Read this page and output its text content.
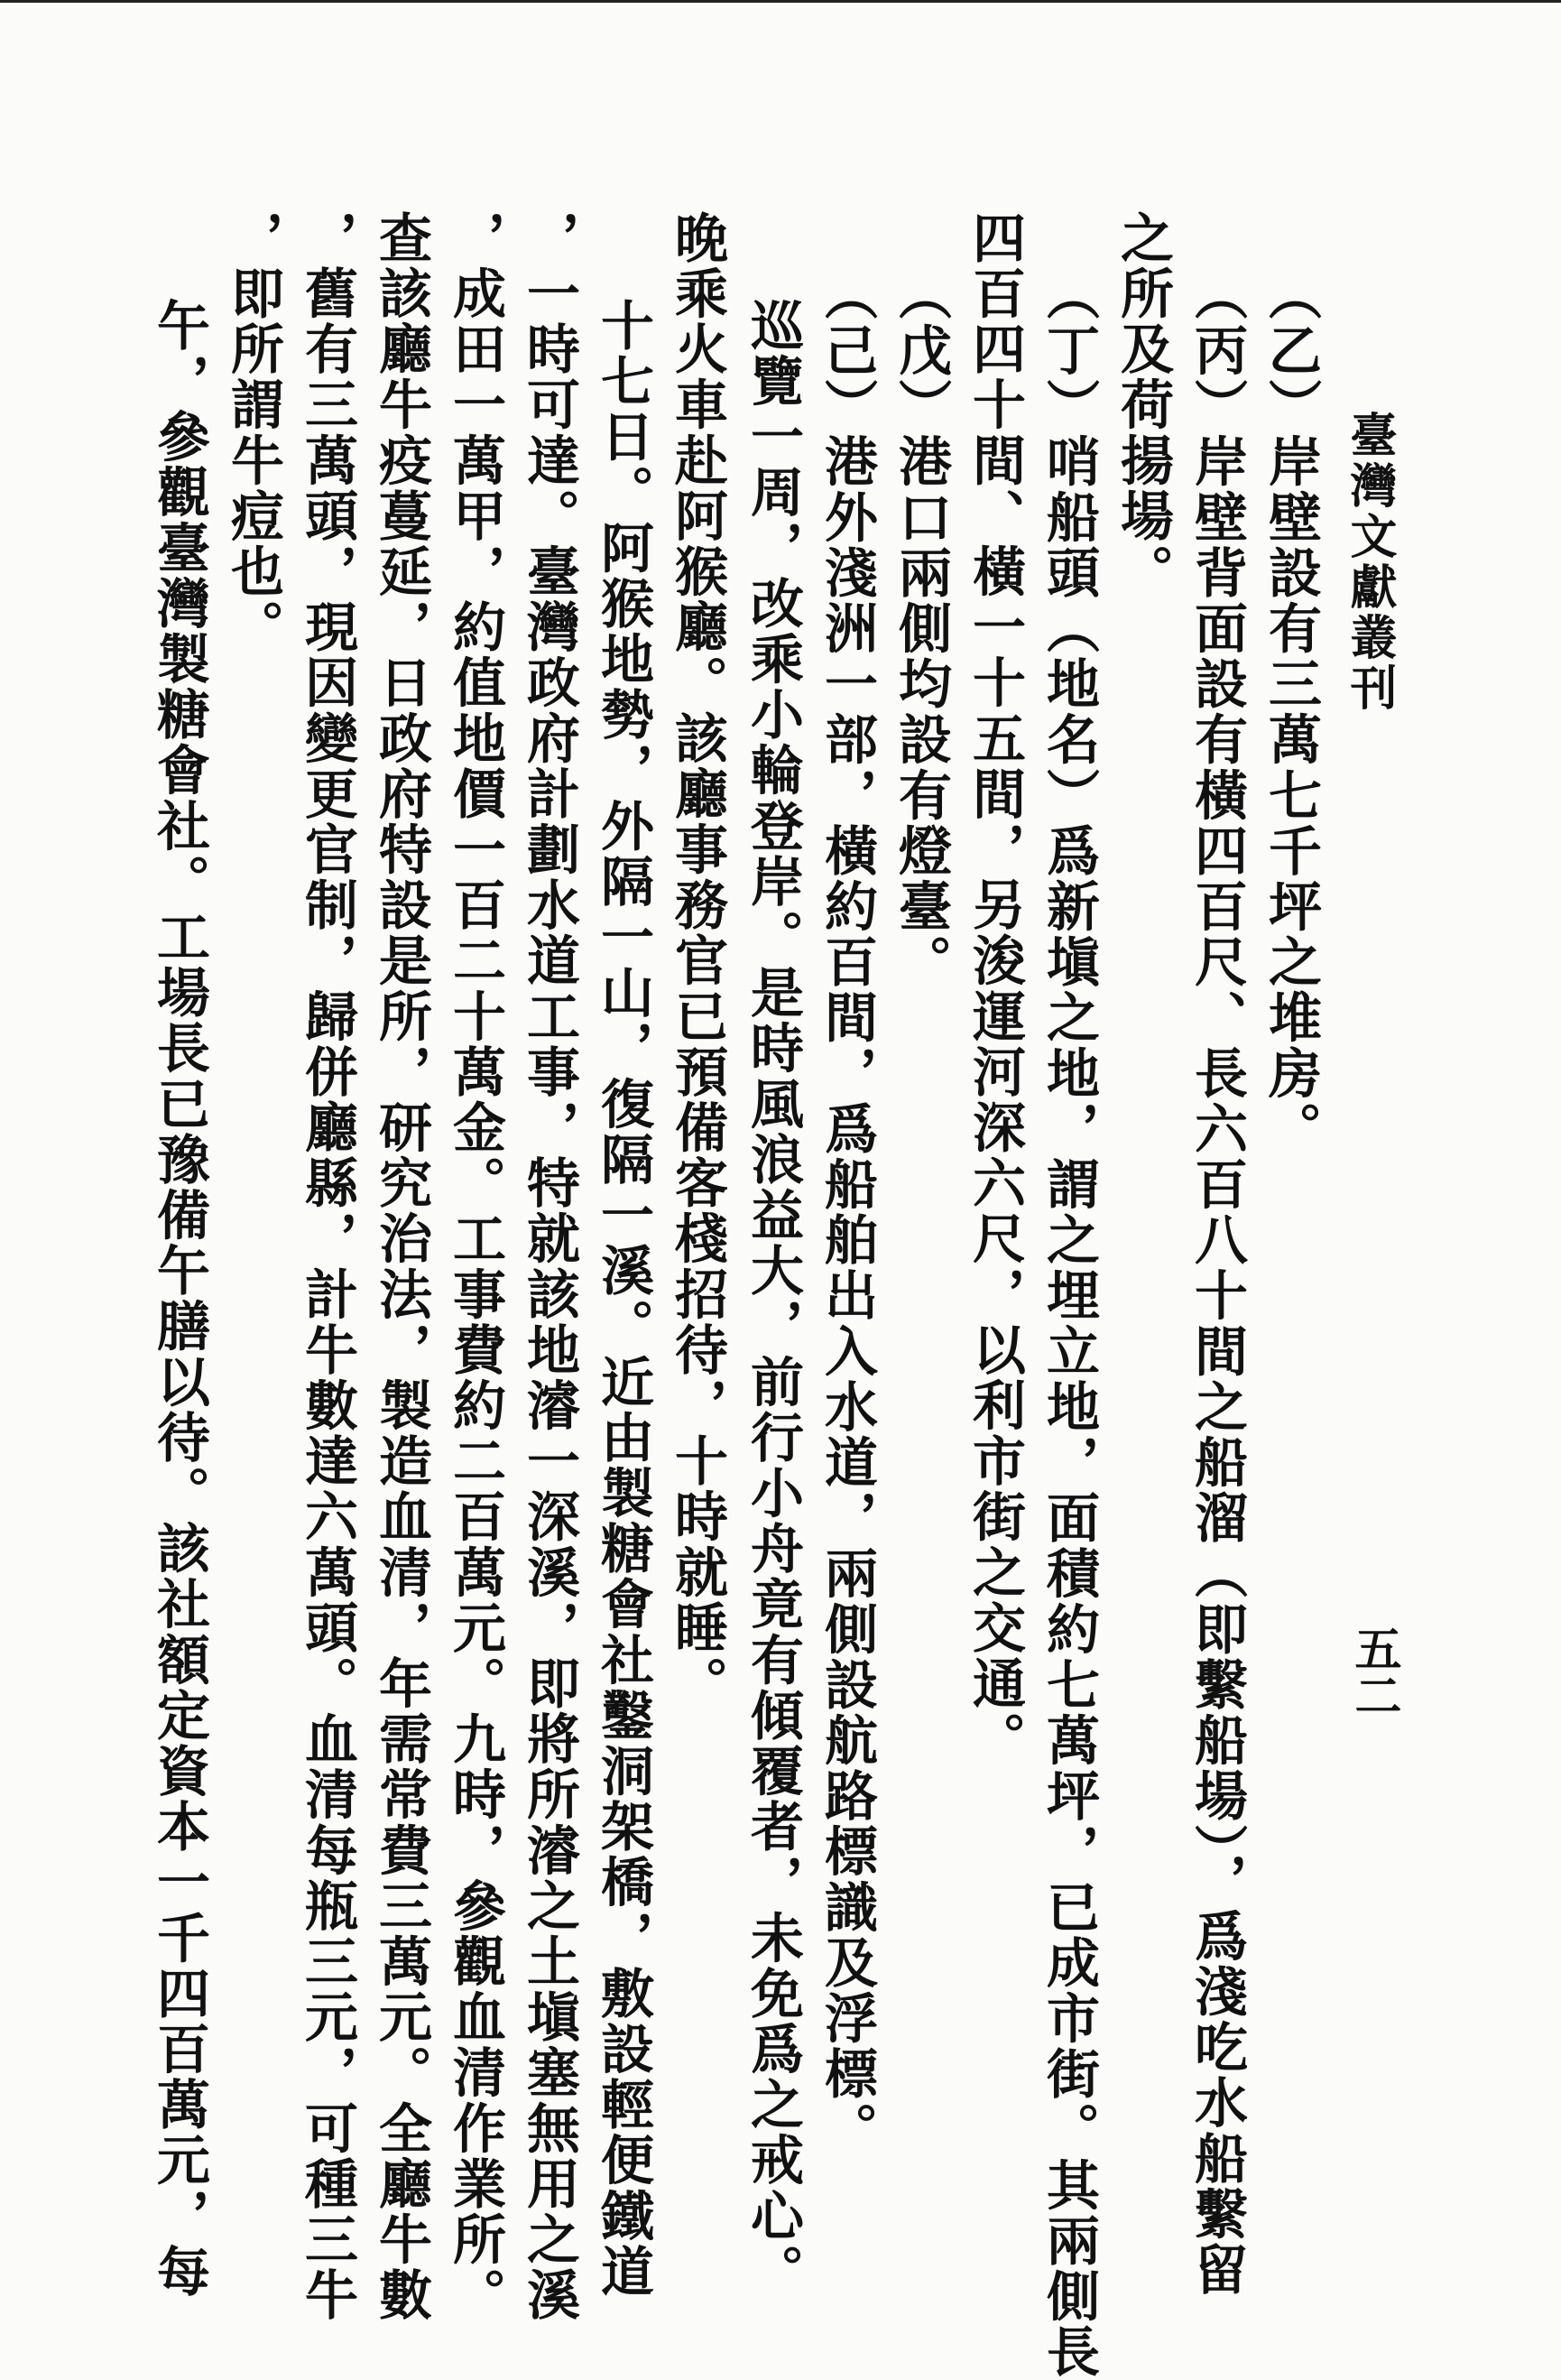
臺灣文獻叢刊
五二
（乙）岸壁設有三萬七千坪之堆房。
（丙）岸壁背面設有橫四百尺、長六百八十間之船溜（即繫船場），爲淺吃水船繫留
之所及荷揚場。
（丁）哨船頭（地名）爲新塡之地，謂之埋立地，面積約七萬坪，已成市街。其兩側長
四百四十間、橫一十五間，另浚運河深六尺，以利市街之交通。
（戊）港口兩側均設有燈臺。
（己）港外淺洲一部，橫約百間，爲船舶出入水道，兩側設航路標識及浮標。
巡覽一周，改乘小輪登岸。是時風浪益大，前行小舟竟有傾覆者，未免爲之戒心。
晚乘火車赴阿猴廳。該廳事務官已預備客棧招待，十時就睡。
十七日。阿猴地勢，外隔一山，復隔一溪。近由製糖會社鑿洞架橋，敷設輕便鐵道
，一時可達。臺灣政府計劃水道工事，特就該地濬一深溪，即將所濬之土塡塞無用之溪
，成田一萬甲，約值地價一百二十萬金。工事費約二百萬元。九時，參觀血清作業所。
查該廳牛疫蔓延，日政府特設是所，研究治法，製造血清，年需常費三萬元。全廳牛數
，舊有三萬頭，現因變更官制，歸併廳縣，計牛數達六萬頭。血清每瓶三元，可種三牛
，即所謂牛痘也。
午，參觀臺灣製糖會社。工場長已豫備午膳以待。該社額定資本一千四百萬元，每
